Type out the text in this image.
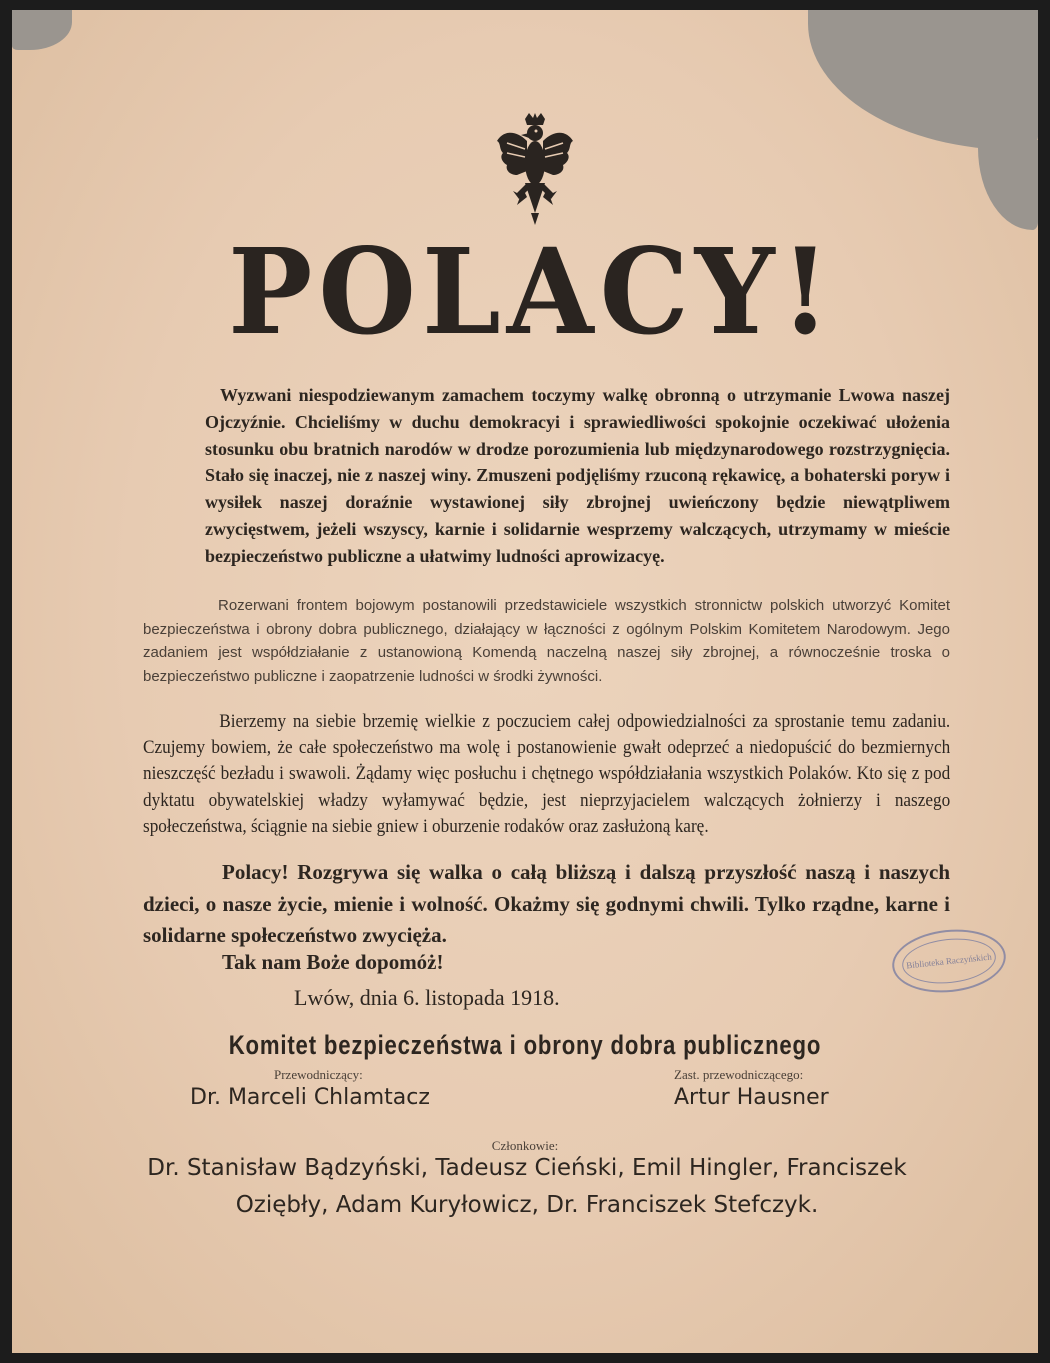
POLACY!

Wyzwani niespodziewanym zamachem toczymy walkę obronną o utrzymanie Lwowa naszej Ojczyźnie. Chcieliśmy w duchu demokracyi i sprawiedliwości spokojnie oczekiwać ułożenia stosunku obu bratnich narodów w drodze porozumienia lub międzynarodowego rozstrzygnięcia. Stało się inaczej, nie z naszej winy. Zmuszeni podjęliśmy rzuconą rękawicę, a bohaterski poryw i wysiłek naszej doraźnie wystawionej siły zbrojnej uwieńczony będzie niewątpliwem zwycięstwem, jeżeli wszyscy, karnie i solidarnie wesprzemy walczących, utrzymamy w mieście bezpieczeństwo publiczne a ułatwimy ludności aprowizacyę.

Rozerwani frontem bojowym postanowili przedstawiciele wszystkich stronnictw polskich utworzyć Komitet bezpieczeństwa i obrony dobra publicznego, działający w łączności z ogólnym Polskim Komitetem Narodowym. Jego zadaniem jest współdziałanie z ustanowioną Komendą naczelną naszej siły zbrojnej, a równocześnie troska o bezpieczeństwo publiczne i zaopatrzenie ludności w środki żywności.

Bierzemy na siebie brzemię wielkie z poczuciem całej odpowiedzialności za sprostanie temu zadaniu. Czujemy bowiem, że całe społeczeństwo ma wolę i postanowienie gwałt odeprzeć a niedopuścić do bezmiernych nieszczęść bezładu i swawoli. Żądamy więc posłuchu i chętnego współdziałania wszystkich Polaków. Kto się z pod dyktatu obywatelskiej władzy wyłamywać będzie, jest nieprzyjacielem walczących żołnierzy i naszego społeczeństwa, ściągnie na siebie gniew i oburzenie rodaków oraz zasłużoną karę.

Polacy! Rozgrywa się walka o całą bliższą i dalszą przyszłość naszą i naszych dzieci, o nasze życie, mienie i wolność. Okażmy się godnymi chwili. Tylko rządne, karne i solidarne społeczeństwo zwycięża.

Tak nam Boże dopomóż!

Lwów, dnia 6. listopada 1918.

Biblioteka Raczyńskich

Komitet bezpieczeństwa i obrony dobra publicznego

Przewodniczący:

Dr. Marceli Chlamtacz

Zast. przewodniczącego:

Artur Hausner

Członkowie:

Dr. Stanisław Bądzyński, Tadeusz Cieński, Emil Hingler, Franciszek Oziębły, Adam Kuryłowicz, Dr. Franciszek Stefczyk.
